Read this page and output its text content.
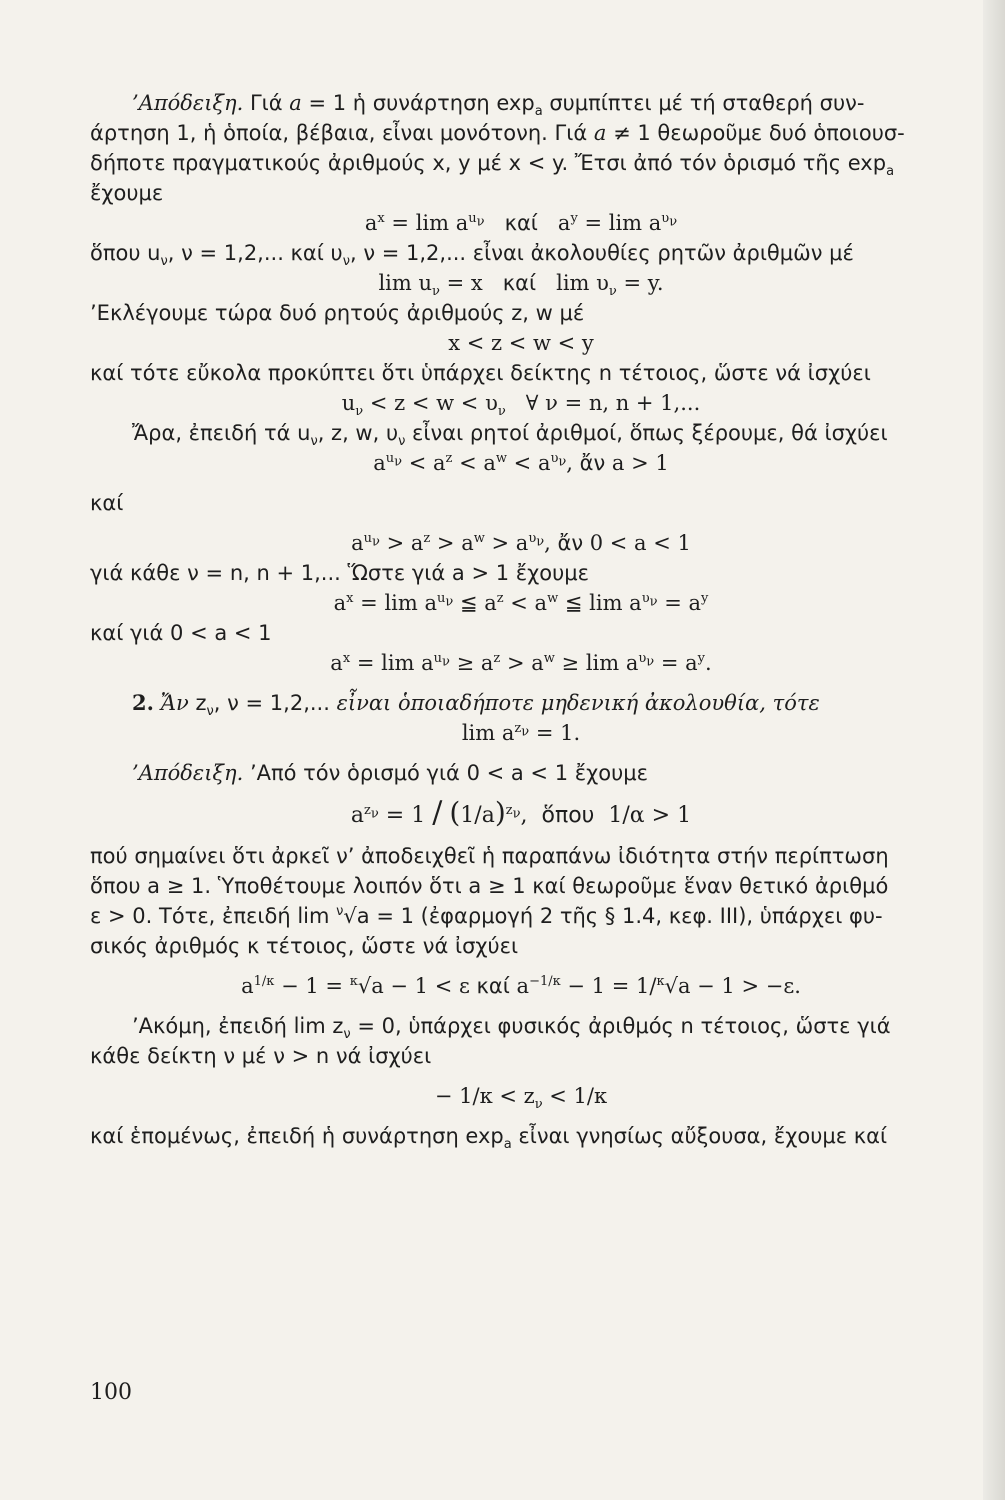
’Απόδειξη. Γιά a = 1 ἡ συνάρτηση $\exp_a \sigma\upsilon\mu\pi ί\pi\tau\varepsilon\iota$ μέ τή σταθερή συν-

άρτηση 1, ἡ ὁποία, βέβαια, εἶναι μονότονη. Γιά a ≠ 1 θεωροῦμε δυό ὁποιουσ-

δήποτε πραγματικούς ἀριθμούς x, y μέ x < y. Ἔτσι ἀπό τόν ὁρισμό τῆς $\exp_a$

ἔχουμε

$a^x = \lim a^{u_\nu}$ καί   $a^y = \lim a^{\upsilon_\nu}$

ὅπου $u_\nu$, ν = 1,2,... καί $\upsilon_\nu$, ν = 1,2,... εἶναι ἀκολουθίες ρητῶν ἀριθμῶν μέ

$\lim u_\nu = x$   καί   $\lim \upsilon_\nu = y$.

’Εκλέγουμε τώρα δυό ρητούς ἀριθμούς z, w μέ

x < z < w < y

καί τότε εὔκολα προκύπτει ὅτι ὑπάρχει δείκτης n τέτοιος, ὥστε νά ἰσχύει

$u_\nu < z < w < \upsilon_\nu$   ∀ ν = n, n + 1,...

Ἄρα, ἐπειδή τά $u_\nu$, z, w, $\upsilon_\nu$ εἶναι ρητοί ἀριθμοί, ὅπως ξέρουμε, θά ἰσχύει

$a^{u_\nu} < a^z < a^w < a^{\upsilon_\nu}$, ἄν a > 1

καί

$a^{u_\nu} > a^z > a^w > a^{\upsilon_\nu}$, ἄν 0 < a < 1

γιά κάθε ν = n, n + 1,... Ὥστε γιά a > 1 ἔχουμε

$a^x = \lim a^{u_\nu}$ ≦ $a^z < a^w$ ≦ $\lim a^{\upsilon_\nu} = a^y$

καί γιά 0 < a < 1

$a^x = \lim a^{u_\nu} \ge a^z > a^w \ge \lim a^{\upsilon_\nu} = a^y$.

2. Ἄν $z_\nu$, ν = 1,2,... εἶναι ὁποιαδήποτε μηδενική ἀκολουθία, τότε

$\lim a^{z_\nu} = 1$.

’Απόδειξη. ’Από τόν ὁρισμό γιά 0 < a < 1 ἔχουμε

$a^{z_\nu} = 1 / (1/a)^{z_\nu}$,  ὅπου  1/α > 1

πού σημαίνει ὅτι ἀρκεῖ ν’ ἀποδειχθεῖ ἡ παραπάνω ἰδιότητα στήν περίπτωση

ὅπου a ≥ 1. Ὑποθέτουμε λοιπόν ὅτι a ≥ 1 καί θεωροῦμε ἕναν θετικό ἀριθμό

ε > 0. Τότε, ἐπειδή lim $^\nu$√a = 1 (ἐφαρμογή 2 τῆς § 1.4, κεφ. III), ὑπάρχει φυ-

σικός ἀριθμός κ τέτοιος, ὥστε νά ἰσχύει

$a^{1/\kappa} - 1 = ^\kappa√a - 1 < \varepsilon$ καί $a^{-1/\kappa} - 1 = 1/^\kappa√a - 1 > -\varepsilon$.

’Ακόμη, ἐπειδή $\lim z_\nu = 0$, ὑπάρχει φυσικός ἀριθμός n τέτοιος, ὥστε γιά

κάθε δείκτη ν μέ ν > n νά ἰσχύει

− $1/\kappa < z_\nu < 1/\kappa$

καί ἑπομένως, ἐπειδή ἡ συνάρτηση $\exp_a$ εἶναι γνησίως αὔξουσα, ἔχουμε καί

100
